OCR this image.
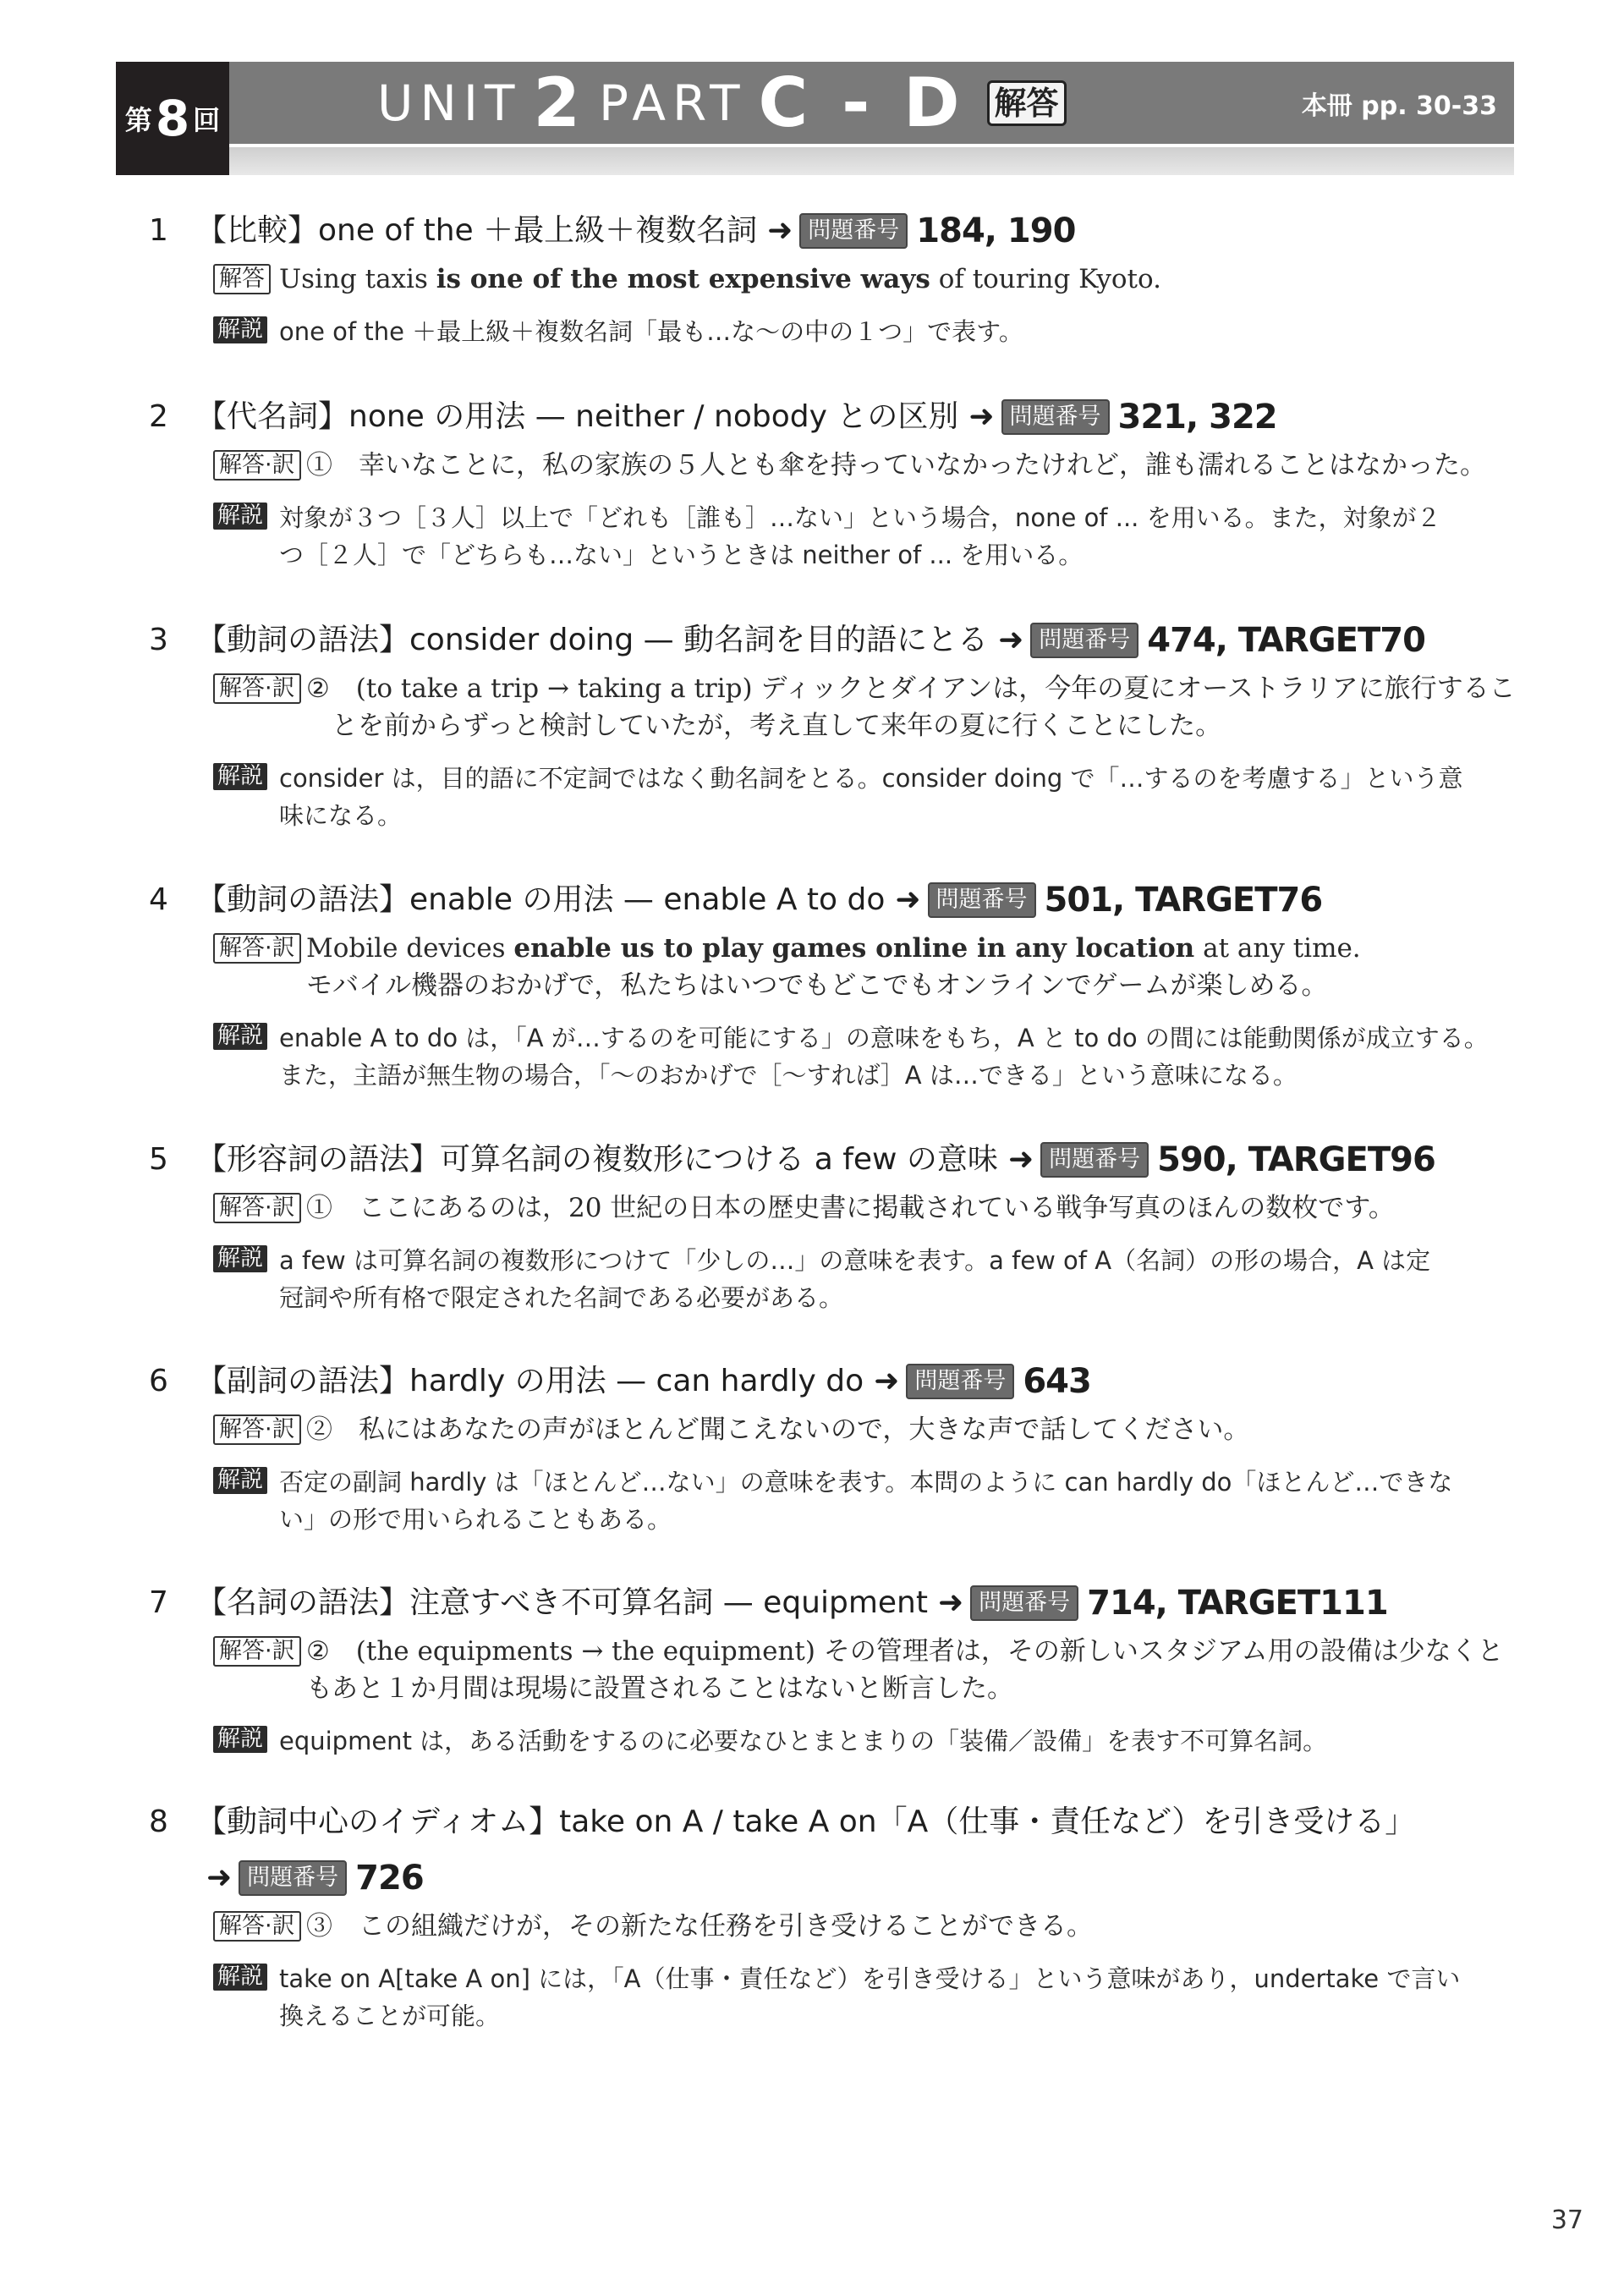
第 8 回	UNIT 2 PART C - D 解答	本冊 pp. 30-33
1 【比較】one of the ＋最上級＋複数名詞 ➜ 問題番号 184, 190
解答 Using taxis is one of the most expensive ways of touring Kyoto.
解説 one of the ＋最上級＋複数名詞「最も…な～の中の１つ」で表す。
2 【代名詞】none の用法 — neither / nobody との区別 ➜ 問題番号 321, 322
解答·訳 ①　幸いなことに，私の家族の５人とも傘を持っていなかったけれど，誰も濡れることはなかった。
解説 対象が３つ［３人］以上で「どれも［誰も］…ない」という場合，none of ... を用いる。また，対象が２
つ［２人］で「どちらも…ない」というときは neither of ... を用いる。
3 【動詞の語法】consider doing — 動名詞を目的語にとる ➜ 問題番号 474, TARGET70
解答·訳 ②　(to take a trip → taking a trip) ディックとダイアンは，今年の夏にオーストラリアに旅行するこ
とを前からずっと検討していたが，考え直して来年の夏に行くことにした。
解説 consider は，目的語に不定詞ではなく動名詞をとる。consider doing で「…するのを考慮する」という意
味になる。
4 【動詞の語法】enable の用法 — enable A to do ➜ 問題番号 501, TARGET76
解答·訳 Mobile devices enable us to play games online in any location at any time.
モバイル機器のおかげで，私たちはいつでもどこでもオンラインでゲームが楽しめる。
解説 enable A to do は，「A が…するのを可能にする」の意味をもち，A と to do の間には能動関係が成立する。
また，主語が無生物の場合，「～のおかげで［～すれば］A は…できる」という意味になる。
5 【形容詞の語法】可算名詞の複数形につける a few の意味 ➜ 問題番号 590, TARGET96
解答·訳 ①　ここにあるのは，20 世紀の日本の歴史書に掲載されている戦争写真のほんの数枚です。
解説 a few は可算名詞の複数形につけて「少しの…」の意味を表す。a few of A（名詞）の形の場合，A は定
冠詞や所有格で限定された名詞である必要がある。
6 【副詞の語法】hardly の用法 — can hardly do ➜ 問題番号 643
解答·訳 ②　私にはあなたの声がほとんど聞こえないので，大きな声で話してください。
解説 否定の副詞 hardly は「ほとんど…ない」の意味を表す。本問のように can hardly do「ほとんど…できな
い」の形で用いられることもある。
7 【名詞の語法】注意すべき不可算名詞 — equipment ➜ 問題番号 714, TARGET111
解答·訳 ②　(the equipments → the equipment) その管理者は，その新しいスタジアム用の設備は少なくとも あと１か月間は現場に設置されることはないと断言した。
解説 equipment は，ある活動をするのに必要なひとまとまりの「装備／設備」を表す不可算名詞。
8 【動詞中心のイディオム】take on A / take A on「A（仕事・責任など）を引き受ける」
➜ 問題番号 726
解答·訳 ③　この組織だけが，その新たな任務を引き受けることができる。
解説 take on A[take A on] には，「A（仕事・責任など）を引き受ける」という意味があり，undertake で言い
換えることが可能。
37
